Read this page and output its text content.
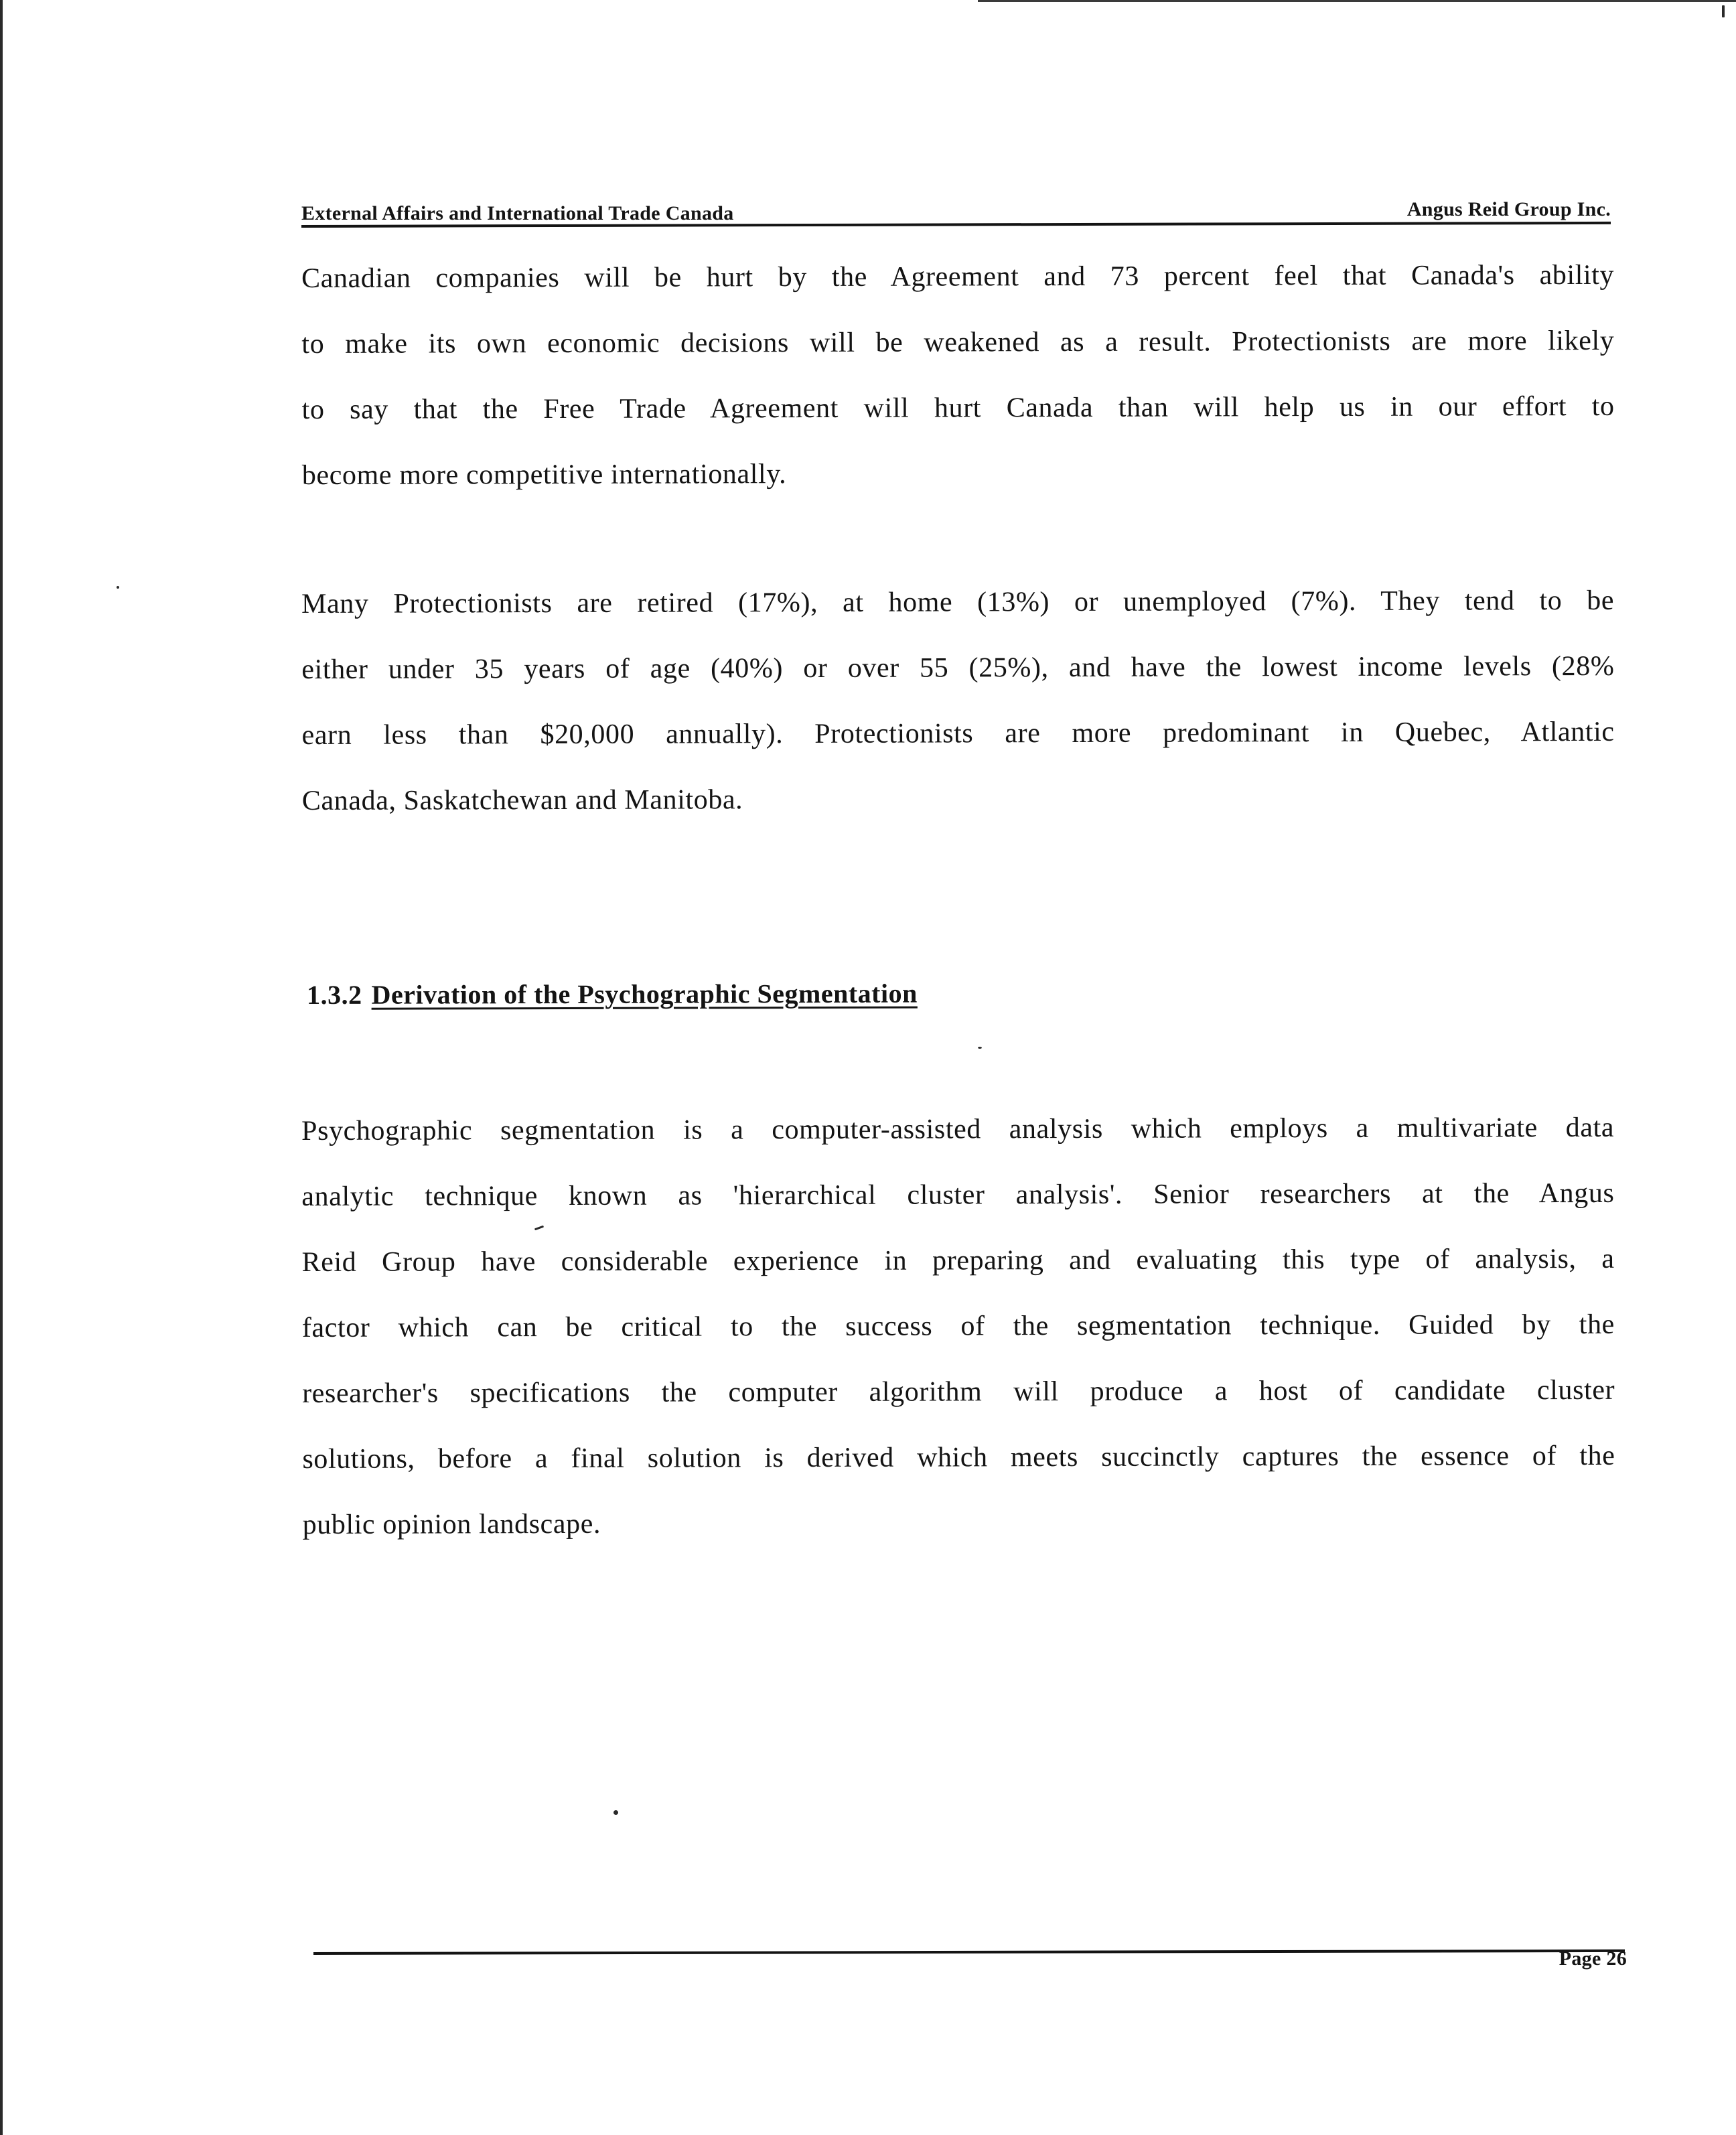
External Affairs and International Trade Canada	Angus Reid Group Inc.
Canadian companies will be hurt by the Agreement and 73 percent feel that Canada's ability
to make its own economic decisions will be weakened as a result. Protectionists are more likely
to say that the Free Trade Agreement will hurt Canada than will help us in our effort to
become more competitive internationally.
Many Protectionists are retired (17%), at home (13%) or unemployed (7%). They tend to be
either under 35 years of age (40%) or over 55 (25%), and have the lowest income levels (28%
earn less than $20,000 annually). Protectionists are more predominant in Quebec, Atlantic
Canada, Saskatchewan and Manitoba.
1.3.2 Derivation of the Psychographic Segmentation
Psychographic segmentation is a computer-assisted analysis which employs a multivariate data
analytic technique known as 'hierarchical cluster analysis'. Senior researchers at the Angus
Reid Group have considerable experience in preparing and evaluating this type of analysis, a
factor which can be critical to the success of the segmentation technique. Guided by the
researcher's specifications the computer algorithm will produce a host of candidate cluster
solutions, before a final solution is derived which meets succinctly captures the essence of the
public opinion landscape.
Page 26
